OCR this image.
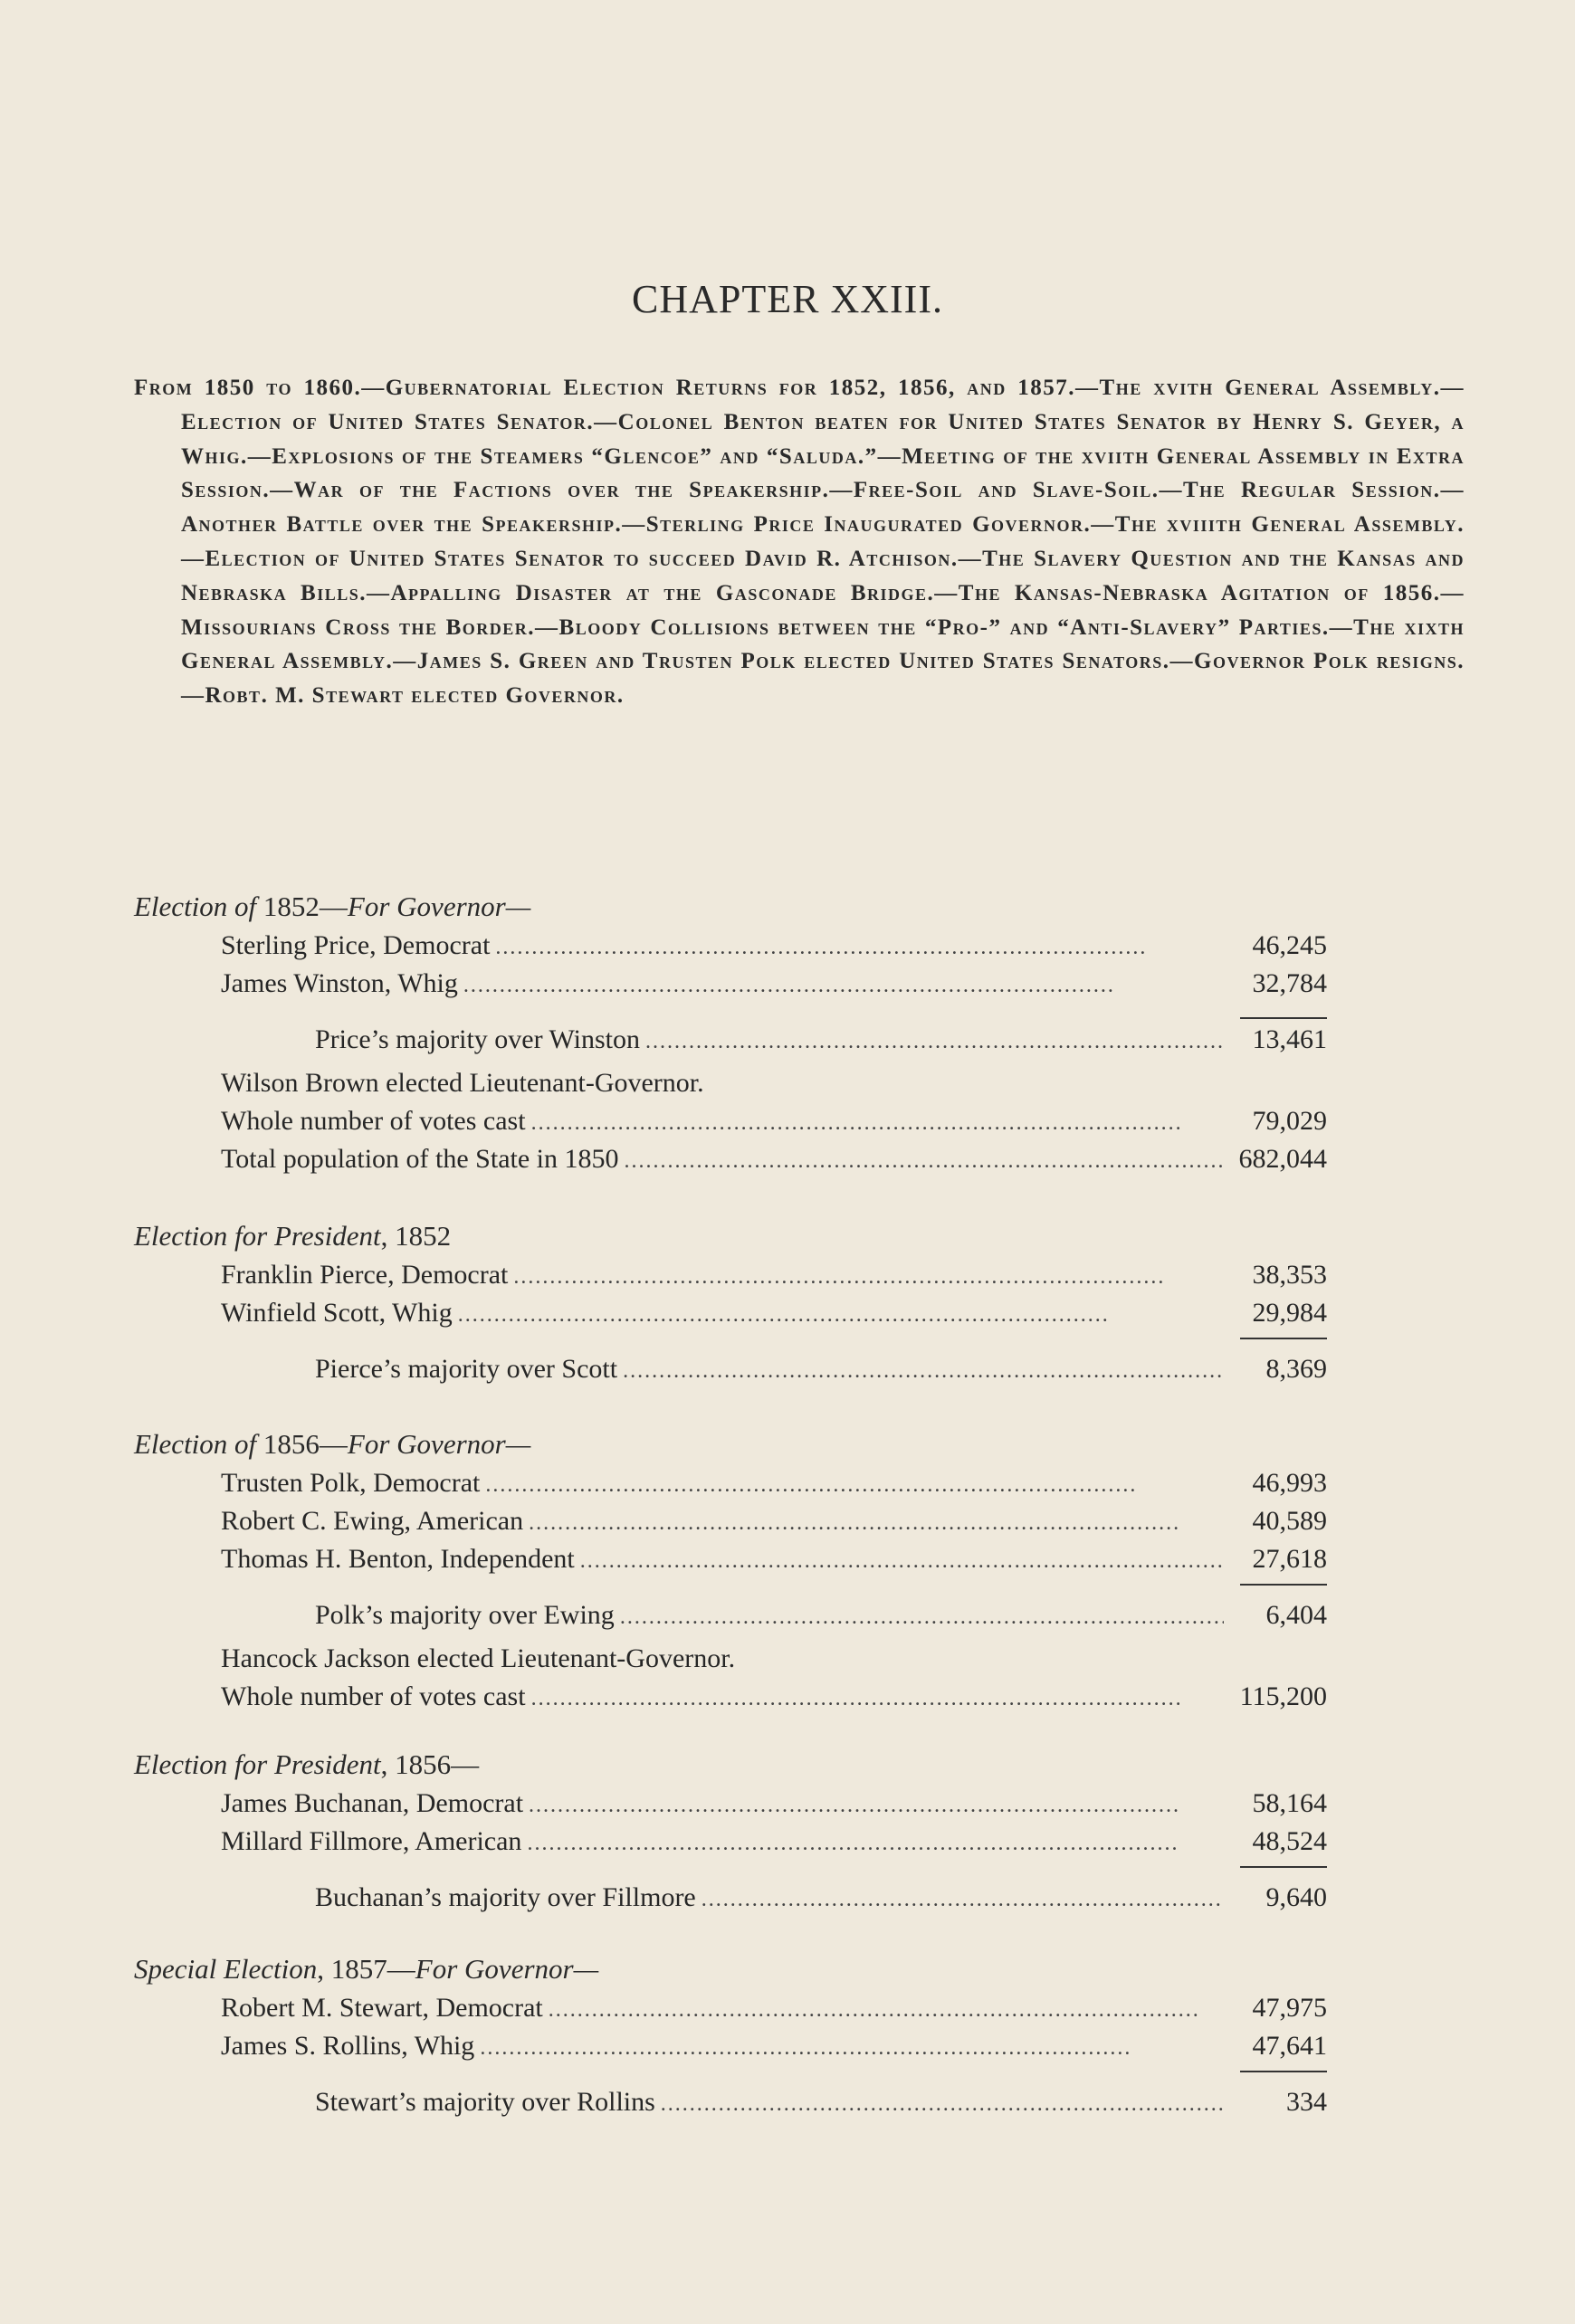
CHAPTER XXIII.
From 1850 to 1860.—Gubernatorial Election Returns for 1852, 1856, and 1857.—The xvith General Assembly.—Election of United States Senator.—Colonel Benton beaten for United States Senator by Henry S. Geyer, a Whig.—Explosions of the Steamers “Glencoe” and “Saluda.”—Meeting of the xviith General Assembly in Extra Session.—War of the Factions over the Speakership.—Free-Soil and Slave-Soil.—The Regular Session.—Another Battle over the Speakership.—Sterling Price Inaugurated Governor.—The xviiith General Assembly.—Election of United States Senator to succeed David R. Atchison.—The Slavery Question and the Kansas and Nebraska Bills.—Appalling Disaster at the Gasconade Bridge.—The Kansas-Nebraska Agitation of 1856.—Missourians Cross the Border.—Bloody Collisions between the “Pro-” and “Anti-Slavery” Parties.—The xixth General Assembly.—James S. Green and Trusten Polk elected United States Senators.—Governor Polk resigns.—Robt. M. Stewart elected Governor.
Election of 1852—For Governor—
Sterling Price, Democrat . . .	46,245
James Winston, Whig . . .	32,784
Price’s majority over Winston . . .	13,461
Wilson Brown elected Lieutenant-Governor.
Whole number of votes cast . . .	79,029
Total population of the State in 1850 . . .	682,044
Election for President, 1852
Franklin Pierce, Democrat . . .	38,353
Winfield Scott, Whig . . .	29,984
Pierce’s majority over Scott . . .	8,369
Election of 1856—For Governor—
Trusten Polk, Democrat . . .	46,993
Robert C. Ewing, American . . .	40,589
Thomas H. Benton, Independent . . .	27,618
Polk’s majority over Ewing . . .	6,404
Hancock Jackson elected Lieutenant-Governor.
Whole number of votes cast . . .	115,200
Election for President, 1856—
James Buchanan, Democrat . . .	58,164
Millard Fillmore, American . . .	48,524
Buchanan’s majority over Fillmore . . .	9,640
Special Election, 1857—For Governor—
Robert M. Stewart, Democrat . . .	47,975
James S. Rollins, Whig . . .	47,641
Stewart’s majority over Rollins . . .	334
